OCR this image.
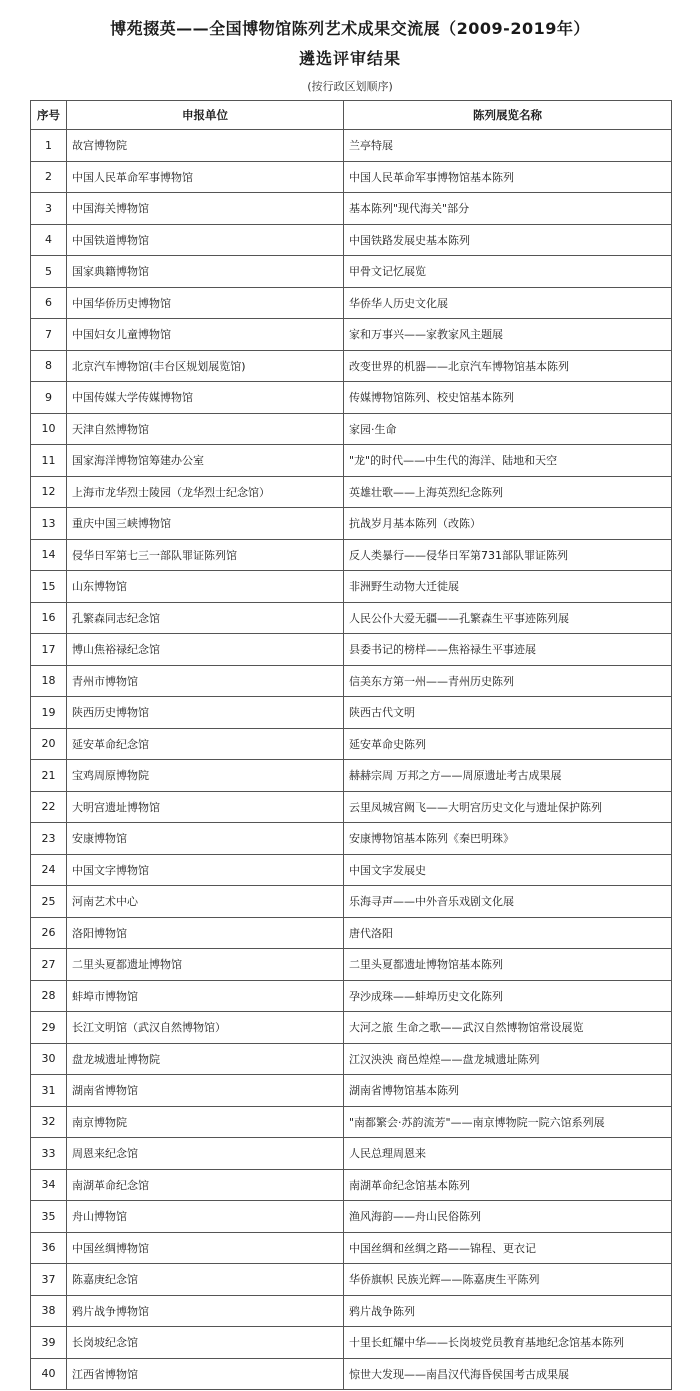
博苑掇英——全国博物馆陈列艺术成果交流展（2009-2019年）
遴选评审结果
(按行政区划顺序)
序号	申报单位	陈列展览名称
1	故宫博物院	兰亭特展
2	中国人民革命军事博物馆	中国人民革命军事博物馆基本陈列
3	中国海关博物馆	基本陈列"现代海关"部分
4	中国铁道博物馆	中国铁路发展史基本陈列
5	国家典籍博物馆	甲骨文记忆展览
6	中国华侨历史博物馆	华侨华人历史文化展
7	中国妇女儿童博物馆	家和万事兴——家教家风主题展
8	北京汽车博物馆(丰台区规划展览馆)	改变世界的机器——北京汽车博物馆基本陈列
9	中国传媒大学传媒博物馆	传媒博物馆陈列、校史馆基本陈列
10	天津自然博物馆	家园·生命
11	国家海洋博物馆筹建办公室	"龙"的时代——中生代的海洋、陆地和天空
12	上海市龙华烈士陵园（龙华烈士纪念馆）	英雄壮歌——上海英烈纪念陈列
13	重庆中国三峡博物馆	抗战岁月基本陈列（改陈）
14	侵华日军第七三一部队罪证陈列馆	反人类暴行——侵华日军第731部队罪证陈列
15	山东博物馆	非洲野生动物大迁徙展
16	孔繁森同志纪念馆	人民公仆大爱无疆——孔繁森生平事迹陈列展
17	博山焦裕禄纪念馆	县委书记的榜样——焦裕禄生平事迹展
18	青州市博物馆	信美东方第一州——青州历史陈列
19	陕西历史博物馆	陕西古代文明
20	延安革命纪念馆	延安革命史陈列
21	宝鸡周原博物院	赫赫宗周 万邦之方——周原遗址考古成果展
22	大明宫遗址博物馆	云里凤城宫阙飞——大明宫历史文化与遗址保护陈列
23	安康博物馆	安康博物馆基本陈列《秦巴明珠》
24	中国文字博物馆	中国文字发展史
25	河南艺术中心	乐海寻声——中外音乐戏剧文化展
26	洛阳博物馆	唐代洛阳
27	二里头夏都遗址博物馆	二里头夏都遗址博物馆基本陈列
28	蚌埠市博物馆	孕沙成珠——蚌埠历史文化陈列
29	长江文明馆（武汉自然博物馆）	大河之旅 生命之歌——武汉自然博物馆常设展览
30	盘龙城遗址博物院	江汉泱泱 商邑煌煌——盘龙城遗址陈列
31	湖南省博物馆	湖南省博物馆基本陈列
32	南京博物院	"南都繁会·苏韵流芳"——南京博物院一院六馆系列展
33	周恩来纪念馆	人民总理周恩来
34	南湖革命纪念馆	南湖革命纪念馆基本陈列
35	舟山博物馆	渔风海韵——舟山民俗陈列
36	中国丝绸博物馆	中国丝绸和丝绸之路——锦程、更衣记
37	陈嘉庚纪念馆	华侨旗帜 民族光辉——陈嘉庚生平陈列
38	鸦片战争博物馆	鸦片战争陈列
39	长岗坡纪念馆	十里长虹耀中华——长岗坡党员教育基地纪念馆基本陈列
40	江西省博物馆	惊世大发现——南昌汉代海昏侯国考古成果展
